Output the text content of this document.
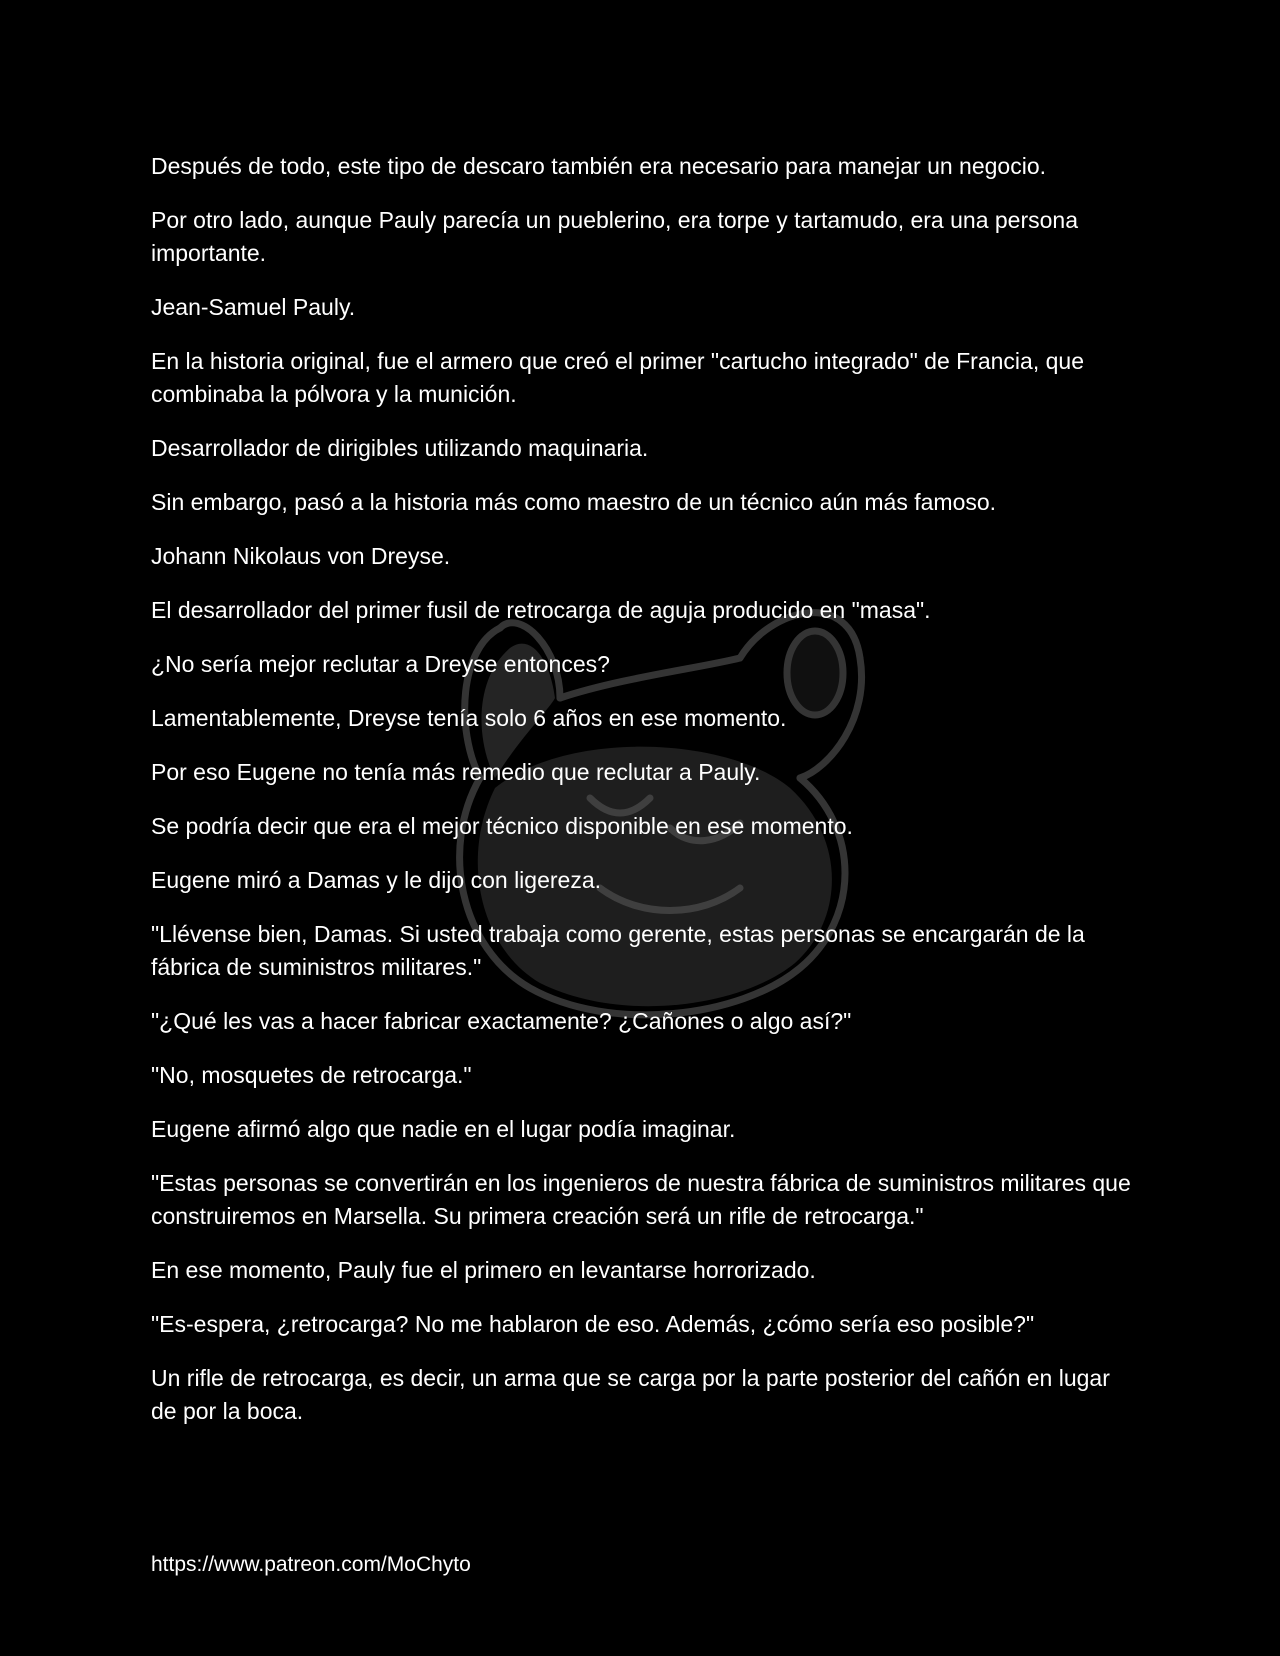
Después de todo, este tipo de descaro también era necesario para manejar un negocio.

Por otro lado, aunque Pauly parecía un pueblerino, era torpe y tartamudo, era una persona importante.

Jean-Samuel Pauly.

En la historia original, fue el armero que creó el primer "cartucho integrado" de Francia, que combinaba la pólvora y la munición.

Desarrollador de dirigibles utilizando maquinaria.

Sin embargo, pasó a la historia más como maestro de un técnico aún más famoso.

Johann Nikolaus von Dreyse.

El desarrollador del primer fusil de retrocarga de aguja producido en "masa".

¿No sería mejor reclutar a Dreyse entonces?

Lamentablemente, Dreyse tenía solo 6 años en ese momento.

Por eso Eugene no tenía más remedio que reclutar a Pauly.

Se podría decir que era el mejor técnico disponible en ese momento.

Eugene miró a Damas y le dijo con ligereza.

"Llévense bien, Damas. Si usted trabaja como gerente, estas personas se encargarán de la fábrica de suministros militares."

"¿Qué les vas a hacer fabricar exactamente? ¿Cañones o algo así?"

"No, mosquetes de retrocarga."

Eugene afirmó algo que nadie en el lugar podía imaginar.

"Estas personas se convertirán en los ingenieros de nuestra fábrica de suministros militares que construiremos en Marsella. Su primera creación será un rifle de retrocarga."

En ese momento, Pauly fue el primero en levantarse horrorizado.

"Es-espera, ¿retrocarga? No me hablaron de eso. Además, ¿cómo sería eso posible?"

Un rifle de retrocarga, es decir, un arma que se carga por la parte posterior del cañón en lugar de por la boca.

https://www.patreon.com/MoChyto
